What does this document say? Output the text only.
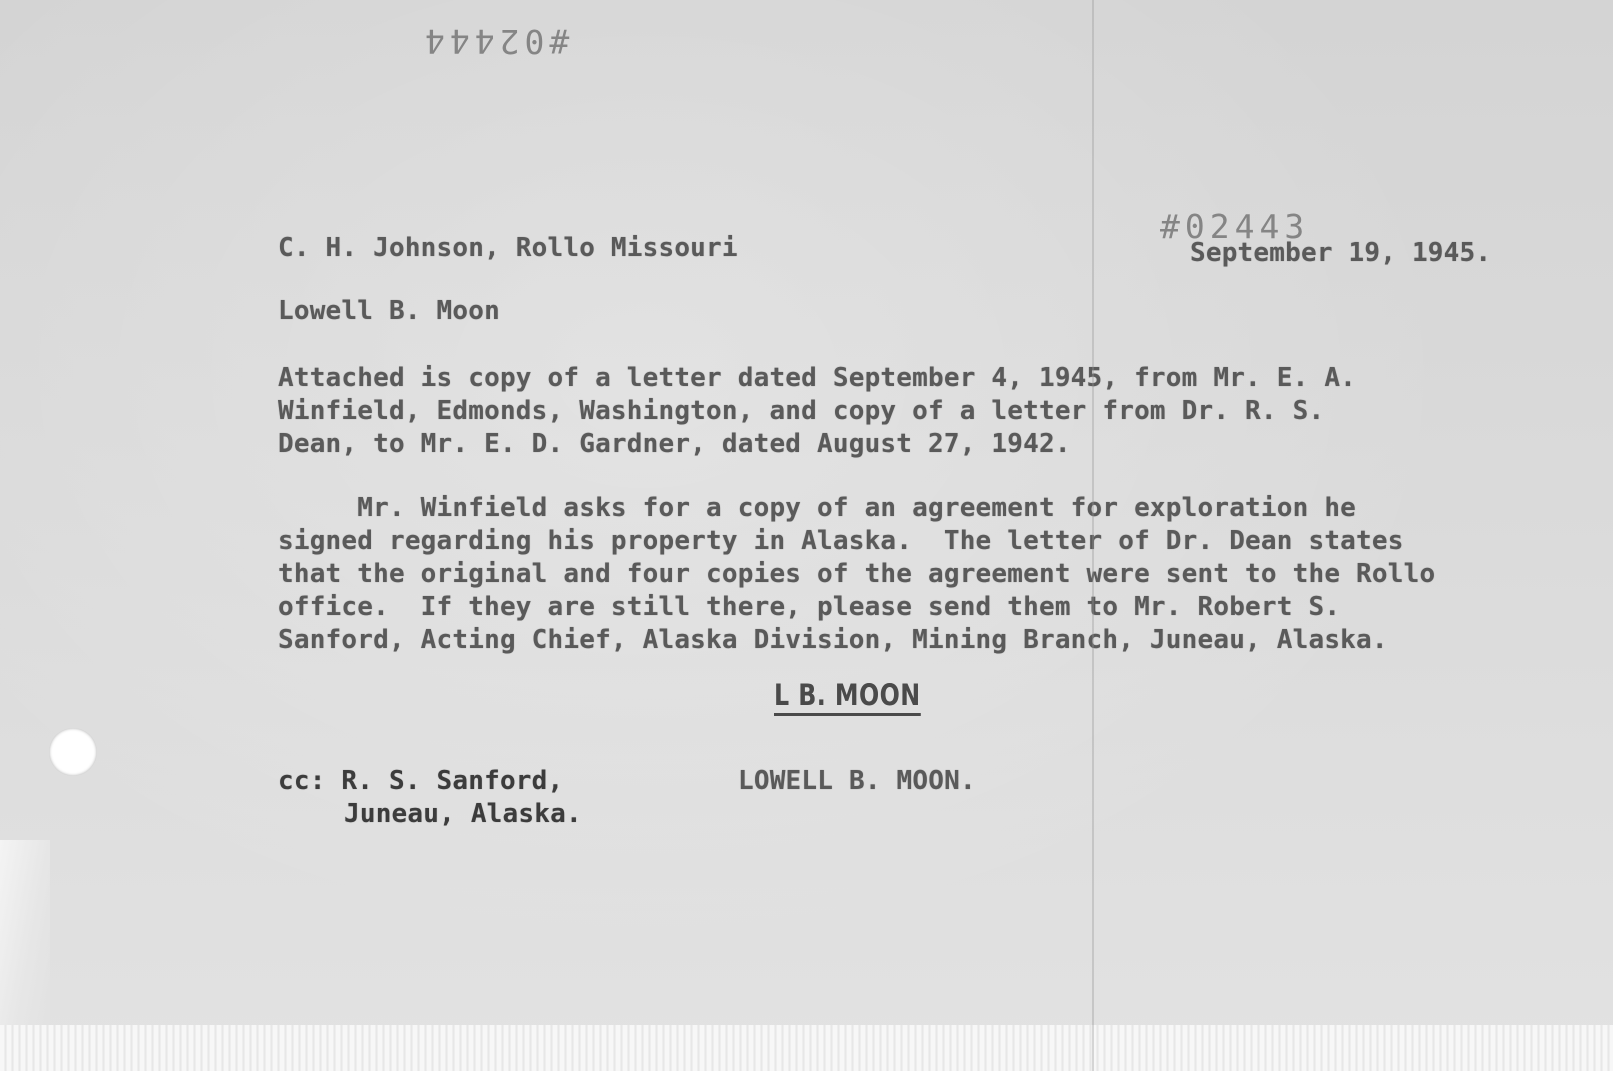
#02444

C. H. Johnson, Rollo Missouri

#02443

September 19, 1945.

Lowell B. Moon

Attached is copy of a letter dated September 4, 1945, from Mr. E. A.

Winfield, Edmonds, Washington, and copy of a letter from Dr. R. S.

Dean, to Mr. E. D. Gardner, dated August 27, 1942.

Mr. Winfield asks for a copy of an agreement for exploration he

signed regarding his property in Alaska.  The letter of Dr. Dean states

that the original and four copies of the agreement were sent to the Rollo

office.  If they are still there, please send them to Mr. Robert S.

Sanford, Acting Chief, Alaska Division, Mining Branch, Juneau, Alaska.

L B. MOON

LOWELL B. MOON.

cc: R. S. Sanford,

Juneau, Alaska.
